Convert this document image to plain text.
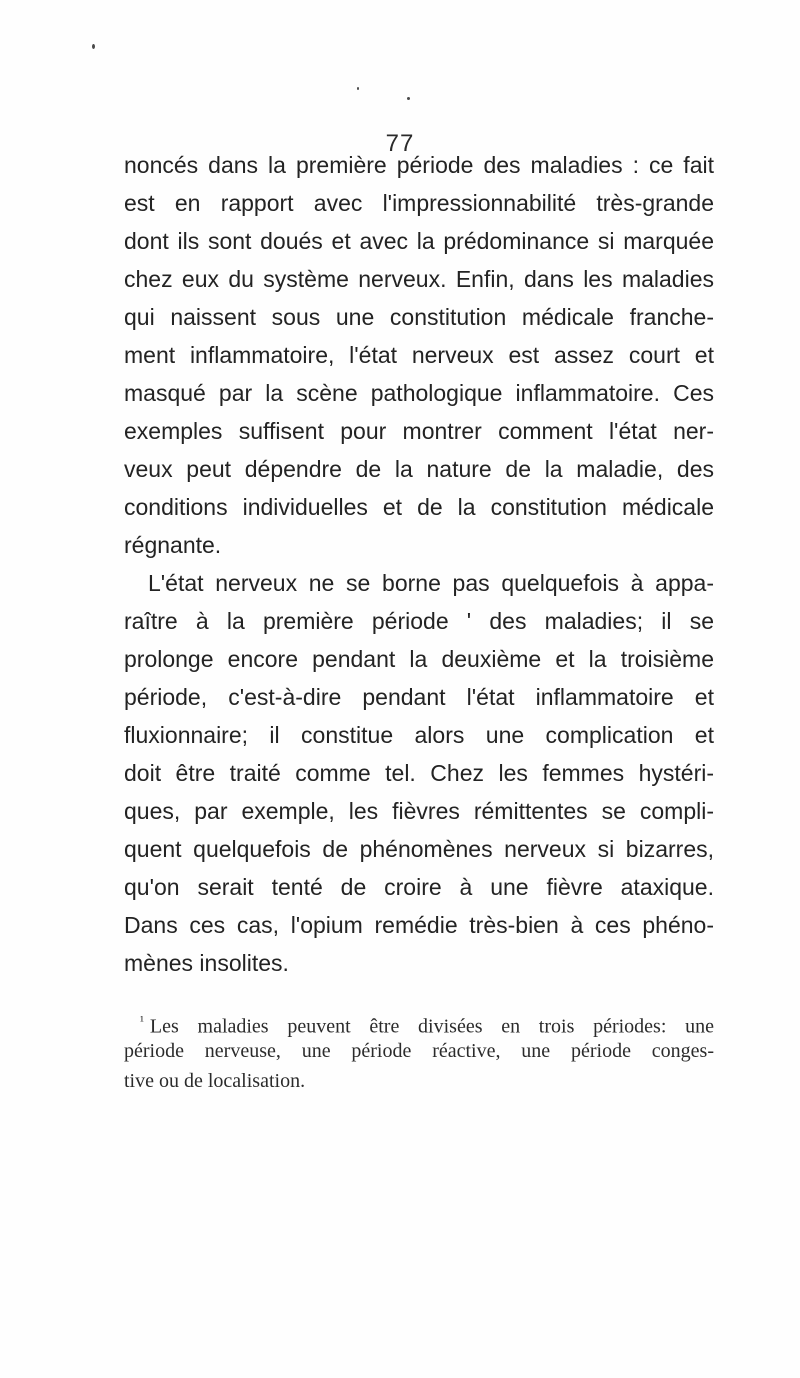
77
noncés dans la première période des maladies : ce fait
est en rapport avec l'impressionnabilité très-grande
dont ils sont doués et avec la prédominance si marquée
chez eux du système nerveux. Enfin, dans les maladies
qui naissent sous une constitution médicale franche-
ment inflammatoire, l'état nerveux est assez court et
masqué par la scène pathologique inflammatoire. Ces
exemples suffisent pour montrer comment l'état ner-
veux peut dépendre de la nature de la maladie, des
conditions individuelles et de la constitution médicale
régnante.
L'état nerveux ne se borne pas quelquefois à appa-
raître à la première période ' des maladies; il se
prolonge encore pendant la deuxième et la troisième
période, c'est-à-dire pendant l'état inflammatoire et
fluxionnaire; il constitue alors une complication et
doit être traité comme tel. Chez les femmes hystéri-
ques, par exemple, les fièvres rémittentes se compli-
quent quelquefois de phénomènes nerveux si bizarres,
qu'on serait tenté de croire à une fièvre ataxique.
Dans ces cas, l'opium remédie très-bien à ces phéno-
mènes insolites.
$^{^1}$ Les maladies peuvent être divisées en trois périodes: une
période nerveuse, une période réactive, une période conges-
tive ou de localisation.
